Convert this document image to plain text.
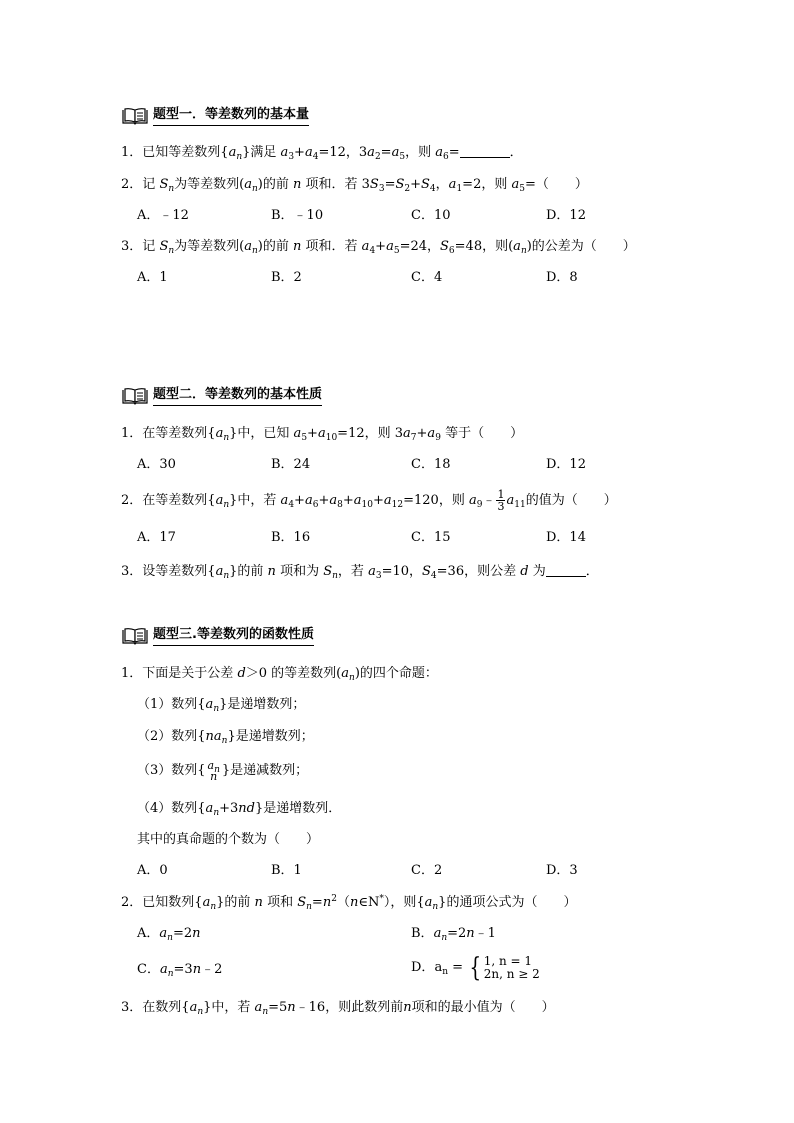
题型一．等差数列的基本量
1．已知等差数列$\{a_n\}$满足 $a_3+a_4=12$，$3a_2=a_5$，则 $a_6=$	．
2．记 $S_n$为等差数列$(a_n)$的前 n 项和．若 $3S_3=S_2+S_4$，$a_1=2$，则 $a_5=$（　　）
A．﹣12	B．﹣10	C．10	D．12
3．记 $S_n$为等差数列$(a_n)$的前 n 项和．若 $a_4+a_5=24$，$S_6=48$，则$(a_n)$的公差为（　　）
A．1	B．2	C．4	D．8
题型二．等差数列的基本性质
1．在等差数列$\{a_n\}$中，已知 $a_5+a_{10}=12$，则 $3a_7+a_9$ 等于（　　）
A．30	B．24	C．18	D．12
2．在等差数列$\{a_n\}$中，若 $a_4+a_6+a_8+a_{10}+a_{12}=120$，则 $a_9﹣ \frac{1}{3} a_{11}$的值为（　　）
A．17	B．16	C．15	D．14
3．设等差数列$\{a_n\}$的前 n 项和为 $S_n$，若 $a_3=10$，$S_4=36$，则公差 d 为	．
题型三.等差数列的函数性质
1．下面是关于公差 d＞0 的等差数列$(a_n)$的四个命题：
（1）数列$\{a_n\}$是递增数列；
（2）数列$\{na_n\}$是递增数列；
（3）数列{ $a_n$
n }是递减数列；
（4）数列$\{a_n+3nd\}$是递增数列．
其中的真命题的个数为（　　）
A．0	B．1	C．2	D．3
2．已知数列$\{a_n\}$的前 n 项和 $S_n=n^2(n\in N^*)$，则$\{a_n\}$的通项公式为（　　）
A．$a_n=2n$	B．$a_n=2n﹣1$
C．$a_n=3n﹣2$	D．$a_n$ = { 1, n = 1
2n, n ≥ 2
3．在数列$\{a_n\}$中，若 $a_n=5n﹣16$，则此数列前n项和的最小值为（　　）
